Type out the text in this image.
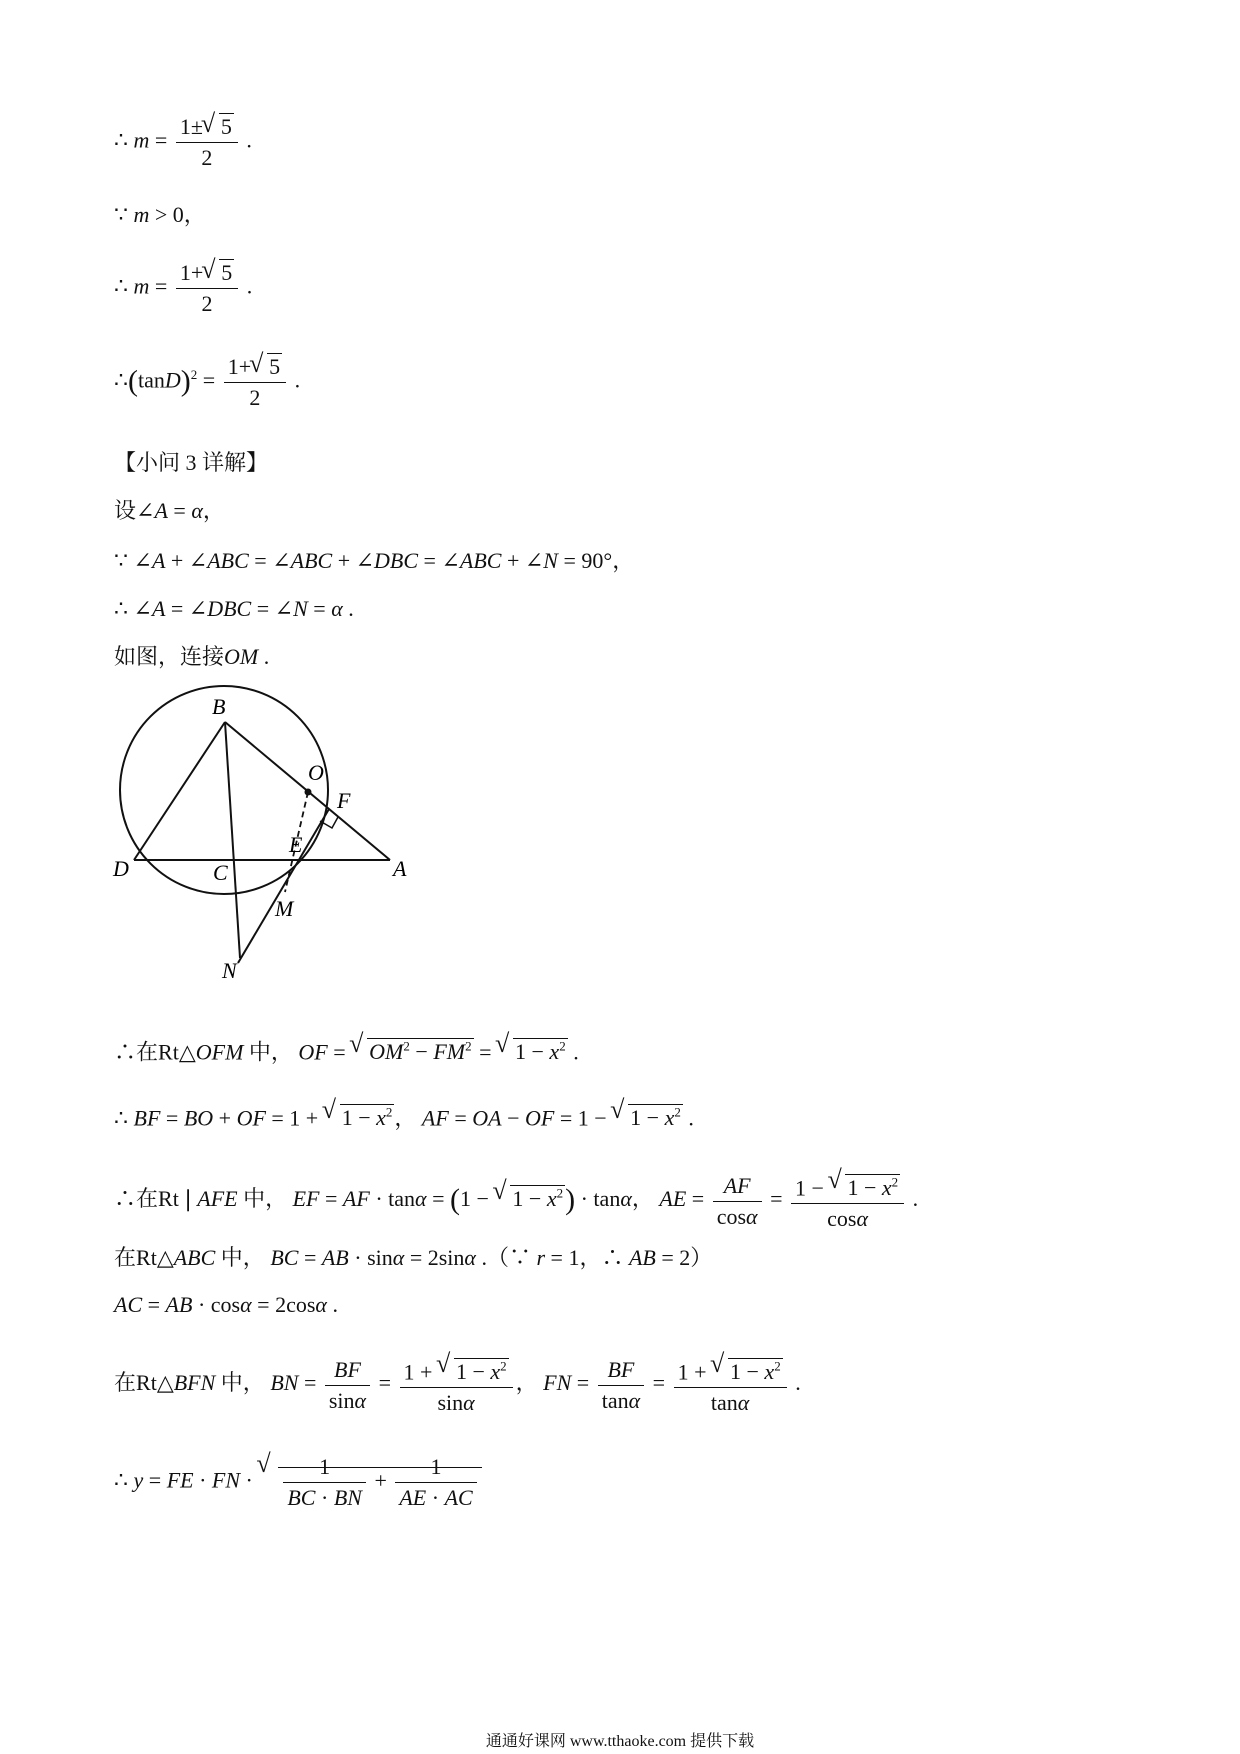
∴ $m = \frac{1\pm √ 5}{2}$ .
∵ m > 0，
∴ $m = \frac{1+ √ 5}{2}$ .
$\therefore(\tan D)^2 = \frac{1+ √ 5}{2}$ .
【小问 3 详解】
设∠A = α，
∵ ∠A + ∠ABC = ∠ABC + ∠DBC = ∠ABC + ∠N = 90°，
∴ ∠A = ∠DBC = ∠N = α .
如图，连接OM .
B
O
F
D	C
E
A
M
N
∴在Rt△OFM 中， OF = √ $OM^2 - FM^2$ = √ $1 - x^2$ .
∴ BF = BO + OF = 1 + √ $1 - x^2$， AF = OA − OF = 1 − √ $1 - x^2$ .
∴在Rt❘AFE 中， EF = AF · tanα = (1 − √ $1 - x^2) \cdot \tan\alpha$， AE = $\frac{AF}{\cos\alpha} = \frac{1 - √ 1 - x^2}{\cos\alpha}$ .
在Rt△ABC 中， BC = AB · sinα = 2sinα .（∵ r = 1，∴ AB = 2）
AC = AB · cosα = 2cosα .
在Rt△BFN 中， BN = $\frac{BF}{\sin\alpha} = \frac{1 + √ 1 - x^2}{\sin\alpha}$ ， FN = $\frac{BF}{\tan\alpha} = \frac{1 + √ 1 - x^2}{\tan\alpha}$ .
∴ y = FE · FN · √ $\frac{1}{BC \cdot BN} + \frac{1}{AE \cdot AC}$
通通好课网 www.tthaoke.com 提供下载
